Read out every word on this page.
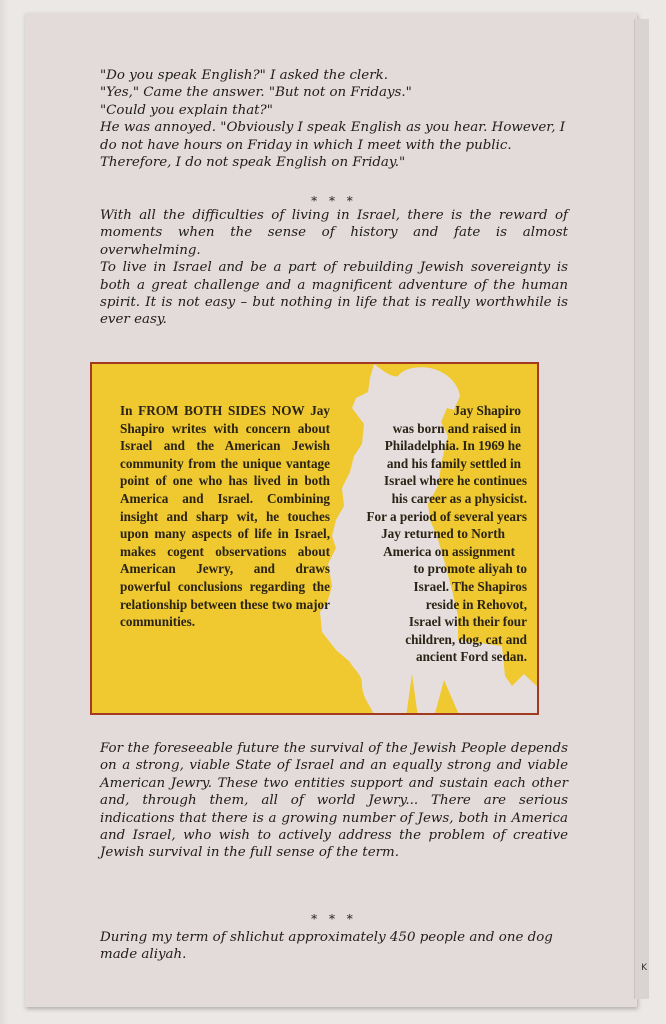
K

"Do you speak English?" I asked the clerk.

"Yes," Came the answer. "But not on Fridays."

"Could you explain that?"

He was annoyed. "Obviously I speak English as you hear. However, I do not have hours on Friday in which I meet with the public. Therefore, I do not speak English on Friday."

* * *

With all the difficulties of living in Israel, there is the reward of moments when the sense of history and fate is almost overwhelming.

To live in Israel and be a part of rebuilding Jewish sovereignty is both a great challenge and a magnificent adventure of the human spirit. It is not easy – but nothing in life that is really worthwhile is ever easy.

In FROM BOTH SIDES NOW Jay Shapiro writes with concern about Israel and the American Jewish community from the unique vantage point of one who has lived in both America and Israel. Combining insight and sharp wit, he touches upon many aspects of life in Israel, makes cogent observations about American Jewry, and draws powerful conclusions regarding the relationship between these two major communities.
Jay Shapiro
was born and raised in
Philadelphia. In 1969 he
and his family settled in
Israel where he continues
his career as a physicist.
For a period of several years
Jay returned to North
America on assignment
to promote aliyah to
Israel. The Shapiros
reside in Rehovot,
Israel with their four
children, dog, cat and
ancient Ford sedan.
For the foreseeable future the survival of the Jewish People depends on a strong, viable State of Israel and an equally strong and viable American Jewry. These two entities support and sustain each other and, through them, all of world Jewry... There are serious indications that there is a growing number of Jews, both in America and Israel, who wish to actively address the problem of creative Jewish survival in the full sense of the term.
* * *
During my term of shlichut approximately 450 people and one dog made aliyah.
